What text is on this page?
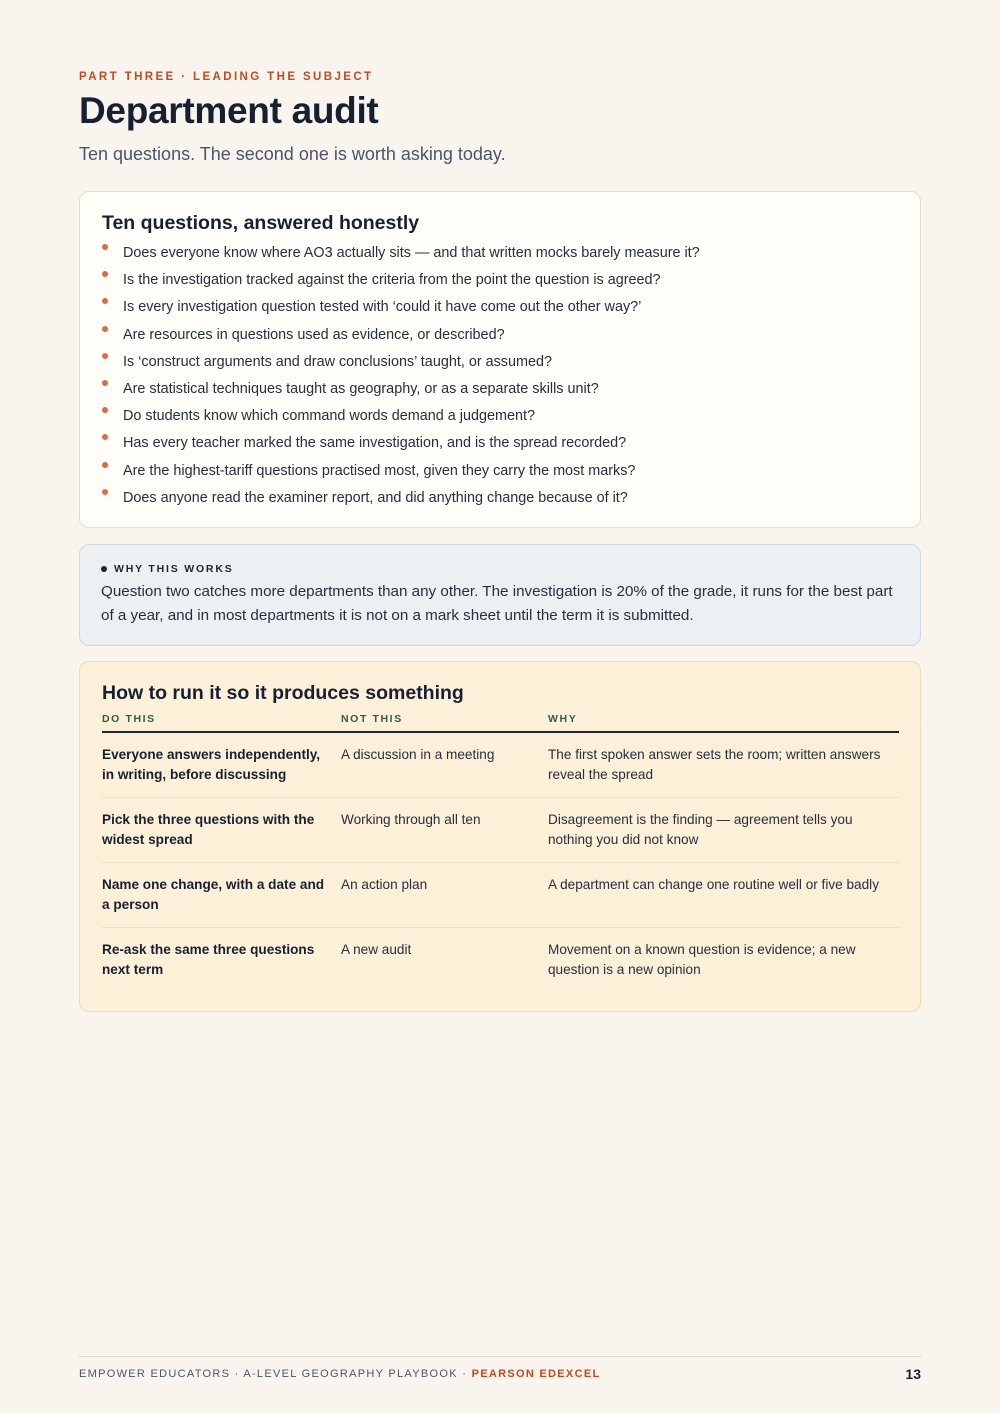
PART THREE · LEADING THE SUBJECT
Department audit

Ten questions. The second one is worth asking today.

Ten questions, answered honestly
Does everyone know where AO3 actually sits — and that written mocks barely measure it?
Is the investigation tracked against the criteria from the point the question is agreed?
Is every investigation question tested with ‘could it have come out the other way?’
Are resources in questions used as evidence, or described?
Is ‘construct arguments and draw conclusions’ taught, or assumed?
Are statistical techniques taught as geography, or as a separate skills unit?
Do students know which command words demand a judgement?
Has every teacher marked the same investigation, and is the spread recorded?
Are the highest-tariff questions practised most, given they carry the most marks?
Does anyone read the examiner report, and did anything change because of it?
WHY THIS WORKS

Question two catches more departments than any other. The investigation is 20% of the grade, it runs for the best part of a year, and in most departments it is not on a mark sheet until the term it is submitted.

How to run it so it produces something
DO THIS	NOT THIS	WHY
Everyone answers independently, in writing, before discussing	A discussion in a meeting	The first spoken answer sets the room; written answers reveal the spread
Pick the three questions with the widest spread	Working through all ten	Disagreement is the finding — agreement tells you nothing you did not know
Name one change, with a date and a person	An action plan	A department can change one routine well or five badly
Re-ask the same three questions next term	A new audit	Movement on a known question is evidence; a new question is a new opinion
EMPOWER EDUCATORS · A-LEVEL GEOGRAPHY PLAYBOOK · PEARSON EDEXCEL	13
